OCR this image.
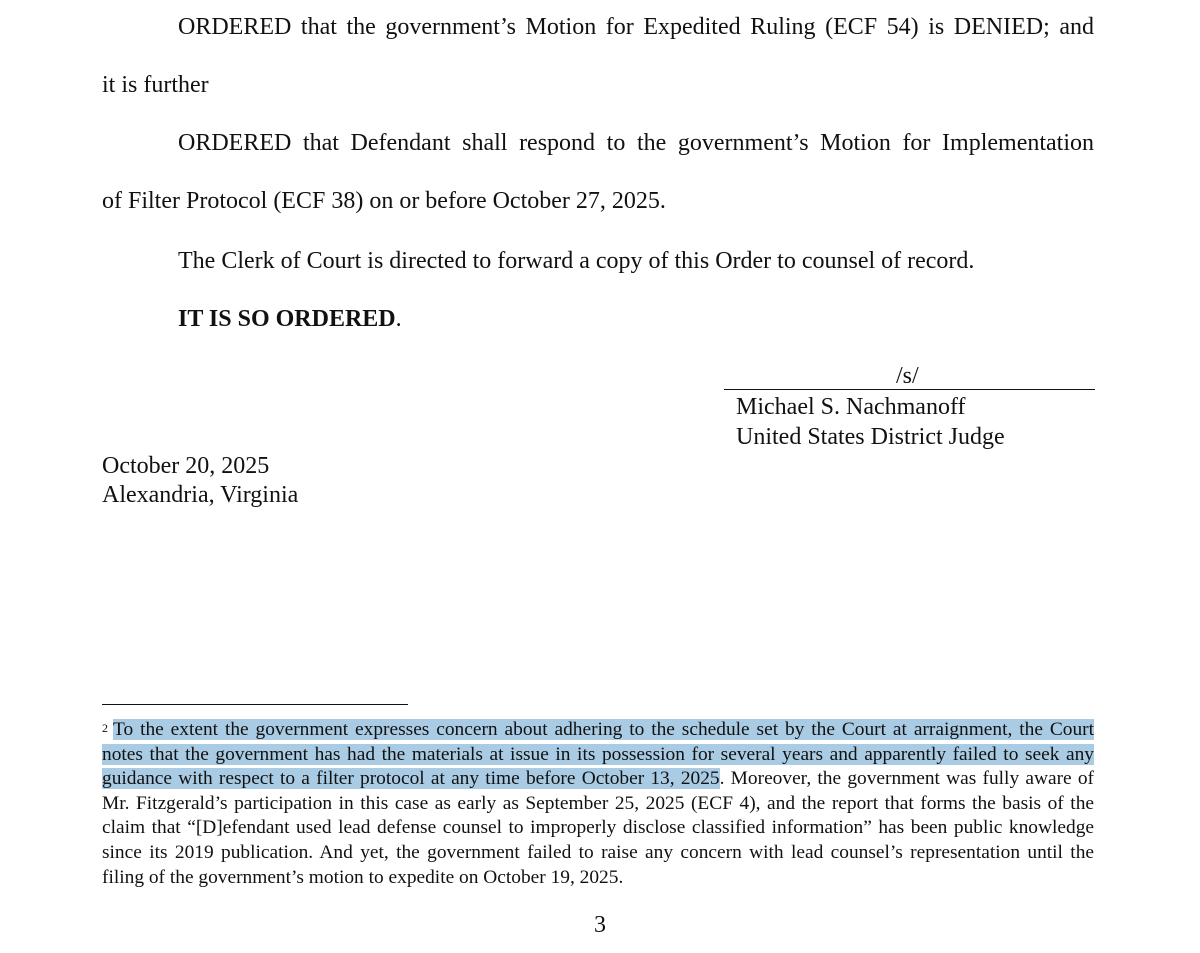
ORDERED that the government’s Motion for Expedited Ruling (ECF 54) is DENIED; and
it is further
ORDERED that Defendant shall respond to the government’s Motion for Implementation
of Filter Protocol (ECF 38) on or before October 27, 2025.
The Clerk of Court is directed to forward a copy of this Order to counsel of record.
IT IS SO ORDERED.
/s/
Michael S. Nachmanoff
United States District Judge
October 20, 2025
Alexandria, Virginia
$^2$ To the extent the government expresses concern about adhering to the schedule set by the Court at arraignment, the Court notes that the government has had the materials at issue in its possession for several years and apparently failed to seek any guidance with respect to a filter protocol at any time before October 13, 2025. Moreover, the government was fully aware of Mr. Fitzgerald’s participation in this case as early as September 25, 2025 (ECF 4), and the report that forms the basis of the claim that “[D]efendant used lead defense counsel to improperly disclose classified information” has been public knowledge since its 2019 publication. And yet, the government failed to raise any concern with lead counsel’s representation until the filing of the government’s motion to expedite on October 19, 2025.
3
